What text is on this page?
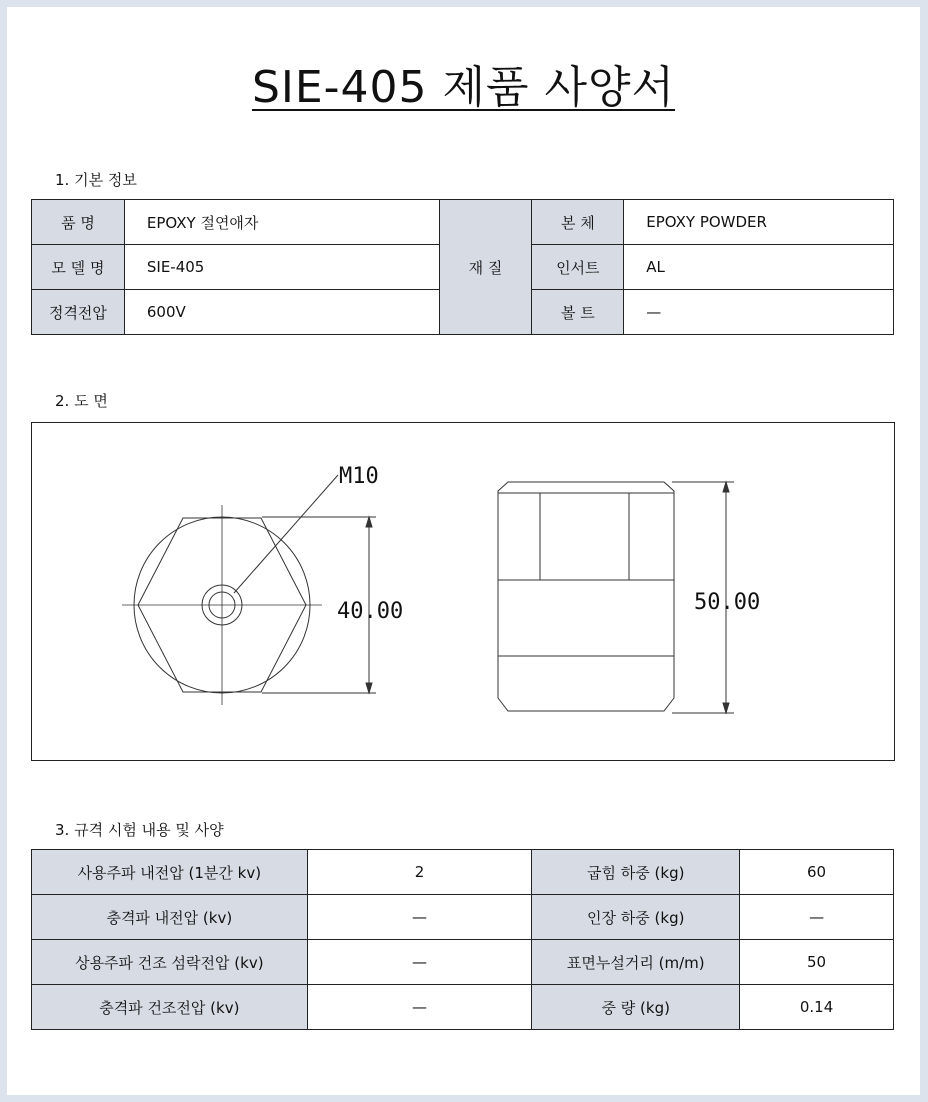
SIE-405 제품 사양서
1. 기본 정보
품 명	EPOXY 절연애자	재 질	본 체	EPOXY POWDER
모 델 명	SIE-405		인서트	AL
정격전압	600V		볼 트	—
2. 도 면
M10
40.00	50.00
3. 규격 시험 내용 및 사양
사용주파 내전압 (1분간 kv)	2	굽힘 하중 (kg)	60
충격파 내전압 (kv)	—	인장 하중 (kg)	—
상용주파 건조 섬락전압 (kv)	—	표면누설거리 (m/m)	50
충격파 건조전압 (kv)	—	중 량 (kg)	0.14
